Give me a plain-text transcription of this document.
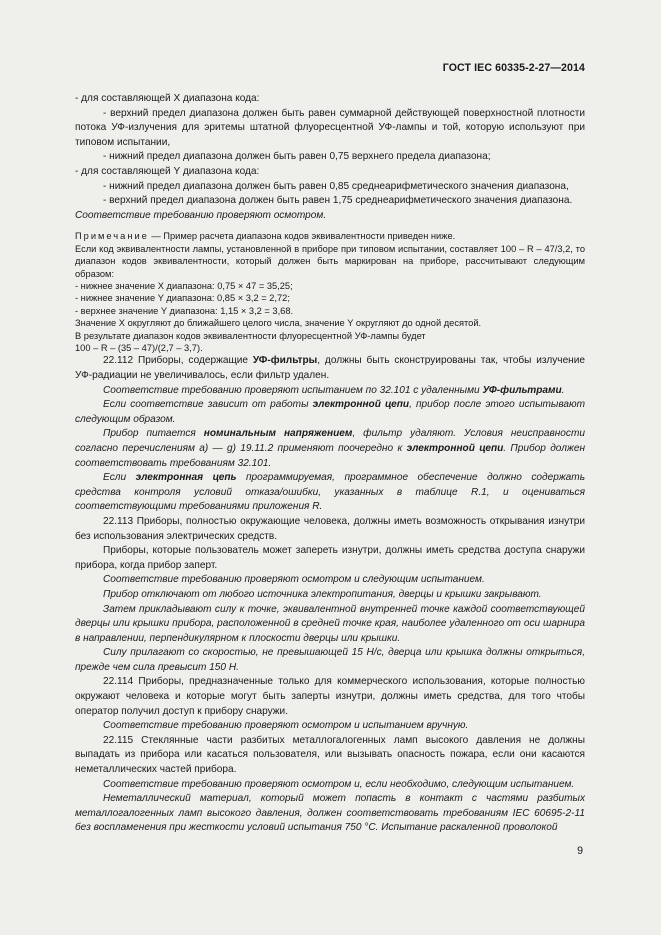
ГОСТ IEC 60335-2-27—2014

- для составляющей X диапазона кода:

- верхний предел диапазона должен быть равен суммарной действующей поверхностной плотности потока УФ-излучения для эритемы штатной флуоресцентной УФ-лампы и той, которую используют при типовом испытании,

- нижний предел диапазона должен быть равен 0,75 верхнего предела диапазона;

- для составляющей Y диапазона кода:

- нижний предел диапазона должен быть равен 0,85 среднеарифметического значения диапазона,

- верхний предел диапазона должен быть равен 1,75 среднеарифметического значения диапазона.

Соответствие требованию проверяют осмотром.

Примечание — Пример расчета диапазона кодов эквивалентности приведен ниже.

Если код эквивалентности лампы, установленной в приборе при типовом испытании, составляет 100 – R – 47/3,2, то диапазон кодов эквивалентности, который должен быть маркирован на приборе, рассчитывают следующим образом:

- нижнее значение X диапазона: 0,75 × 47 = 35,25;

- нижнее значение Y диапазона: 0,85 × 3,2 = 2,72;

- верхнее значение Y диапазона: 1,15 × 3,2 = 3,68.

Значение X округляют до ближайшего целого числа, значение Y округляют до одной десятой.

В результате диапазон кодов эквивалентности флуоресцентной УФ-лампы будет

100 – R – (35 – 47)/(2,7 – 3,7).

22.112 Приборы, содержащие УФ-фильтры, должны быть сконструированы так, чтобы излучение УФ-радиации не увеличивалось, если фильтр удален.

Соответствие требованию проверяют испытанием по 32.101 с удаленными УФ-фильтрами.

Если соответствие зависит от работы электронной цепи, прибор после этого испытывают следующим образом.

Прибор питается номинальным напряжением, фильтр удаляют. Условия неисправности согласно перечислениям а) — g) 19.11.2 применяют поочередно к электронной цепи. Прибор должен соответствовать требованиям 32.101.

Если электронная цепь программируемая, программное обеспечение должно содержать средства контроля условий отказа/ошибки, указанных в таблице R.1, и оцениваться соответствующими требованиями приложения R.

22.113 Приборы, полностью окружающие человека, должны иметь возможность открывания изнутри без использования электрических средств.

Приборы, которые пользователь может запереть изнутри, должны иметь средства доступа снаружи прибора, когда прибор заперт.

Соответствие требованию проверяют осмотром и следующим испытанием.

Прибор отключают от любого источника электропитания, дверцы и крышки закрывают.

Затем прикладывают силу к точке, эквивалентной внутренней точке каждой соответствующей дверцы или крышки прибора, расположенной в средней точке края, наиболее удаленного от оси шарнира в направлении, перпендикулярном к плоскости дверцы или крышки.

Силу прилагают со скоростью, не превышающей 15 Н/с, дверца или крышка должны открыться, прежде чем сила превысит 150 Н.

22.114 Приборы, предназначенные только для коммерческого использования, которые полностью окружают человека и которые могут быть заперты изнутри, должны иметь средства, для того чтобы оператор получил доступ к прибору снаружи.

Соответствие требованию проверяют осмотром и испытанием вручную.

22.115 Стеклянные части разбитых металлогалогенных ламп высокого давления не должны выпадать из прибора или касаться пользователя, или вызывать опасность пожара, если они касаются неметаллических частей прибора.

Соответствие требованию проверяют осмотром и, если необходимо, следующим испытанием.

Неметаллический материал, который может попасть в контакт с частями разбитых металлогалогенных ламп высокого давления, должен соответствовать требованиям IEC 60695-2-11 без воспламенения при жесткости условий испытания 750 °С. Испытание раскаленной проволокой

9
